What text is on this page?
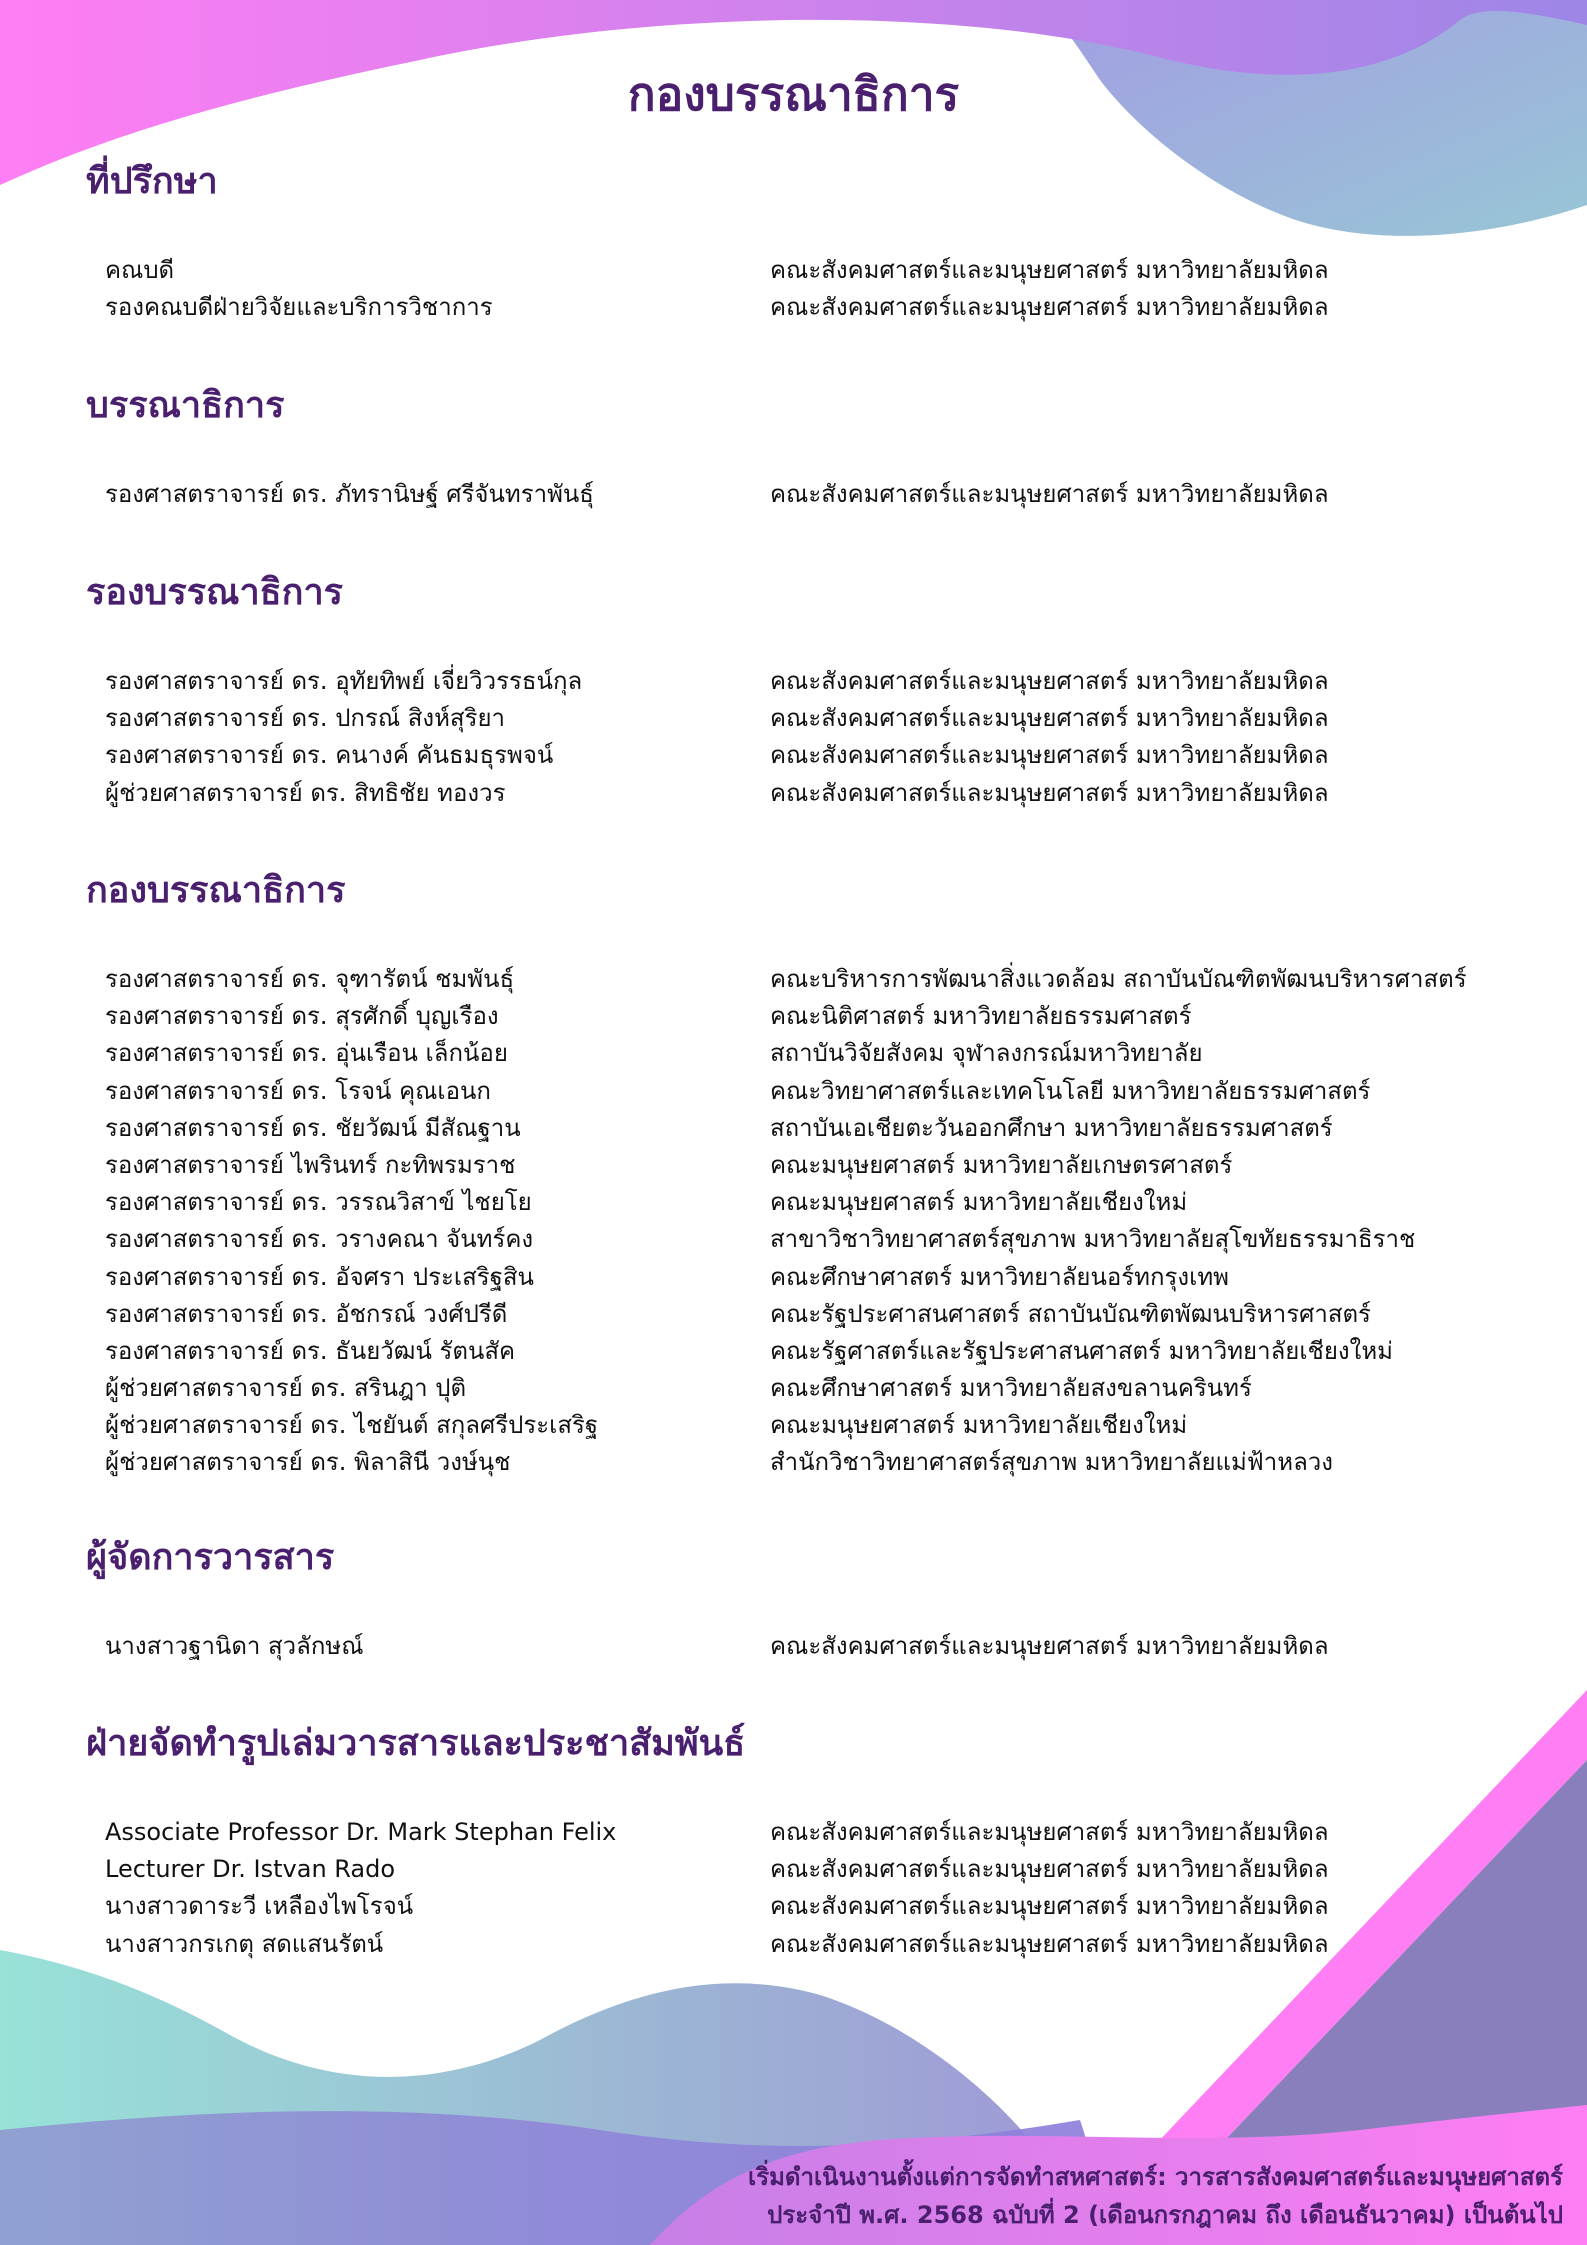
กองบรรณาธิการ
ที่ปรึกษา
คณบดี	คณะสังคมศาสตร์และมนุษยศาสตร์ มหาวิทยาลัยมหิดล
รองคณบดีฝ่ายวิจัยและบริการวิชาการ	คณะสังคมศาสตร์และมนุษยศาสตร์ มหาวิทยาลัยมหิดล
บรรณาธิการ
รองศาสตราจารย์ ดร. ภัทรานิษฐ์ ศรีจันทราพันธุ์	คณะสังคมศาสตร์และมนุษยศาสตร์ มหาวิทยาลัยมหิดล
รองบรรณาธิการ
รองศาสตราจารย์ ดร. อุทัยทิพย์ เจี่ยวิวรรธน์กุล	คณะสังคมศาสตร์และมนุษยศาสตร์ มหาวิทยาลัยมหิดล
รองศาสตราจารย์ ดร. ปกรณ์ สิงห์สุริยา	คณะสังคมศาสตร์และมนุษยศาสตร์ มหาวิทยาลัยมหิดล
รองศาสตราจารย์ ดร. คนางค์ คันธมธุรพจน์	คณะสังคมศาสตร์และมนุษยศาสตร์ มหาวิทยาลัยมหิดล
ผู้ช่วยศาสตราจารย์ ดร. สิทธิชัย ทองวร	คณะสังคมศาสตร์และมนุษยศาสตร์ มหาวิทยาลัยมหิดล
กองบรรณาธิการ
รองศาสตราจารย์ ดร. จุฑารัตน์ ชมพันธุ์	คณะบริหารการพัฒนาสิ่งแวดล้อม สถาบันบัณฑิตพัฒนบริหารศาสตร์
รองศาสตราจารย์ ดร. สุรศักดิ์ บุญเรือง	คณะนิติศาสตร์ มหาวิทยาลัยธรรมศาสตร์
รองศาสตราจารย์ ดร. อุ่นเรือน เล็กน้อย	สถาบันวิจัยสังคม จุฬาลงกรณ์มหาวิทยาลัย
รองศาสตราจารย์ ดร. โรจน์ คุณเอนก	คณะวิทยาศาสตร์และเทคโนโลยี มหาวิทยาลัยธรรมศาสตร์
รองศาสตราจารย์ ดร. ชัยวัฒน์ มีสัณฐาน	สถาบันเอเชียตะวันออกศึกษา มหาวิทยาลัยธรรมศาสตร์
รองศาสตราจารย์ ไพรินทร์ กะทิพรมราช	คณะมนุษยศาสตร์ มหาวิทยาลัยเกษตรศาสตร์
รองศาสตราจารย์ ดร. วรรณวิสาข์ ไชยโย	คณะมนุษยศาสตร์ มหาวิทยาลัยเชียงใหม่
รองศาสตราจารย์ ดร. วรางคณา จันทร์คง	สาขาวิชาวิทยาศาสตร์สุขภาพ มหาวิทยาลัยสุโขทัยธรรมาธิราช
รองศาสตราจารย์ ดร. อัจศรา ประเสริฐสิน	คณะศึกษาศาสตร์ มหาวิทยาลัยนอร์ทกรุงเทพ
รองศาสตราจารย์ ดร. อัชกรณ์ วงศ์ปรีดี	คณะรัฐประศาสนศาสตร์ สถาบันบัณฑิตพัฒนบริหารศาสตร์
รองศาสตราจารย์ ดร. ธันยวัฒน์ รัตนสัค	คณะรัฐศาสตร์และรัฐประศาสนศาสตร์ มหาวิทยาลัยเชียงใหม่
ผู้ช่วยศาสตราจารย์ ดร. สรินฎา ปุติ	คณะศึกษาศาสตร์ มหาวิทยาลัยสงขลานครินทร์
ผู้ช่วยศาสตราจารย์ ดร. ไชยันต์ สกุลศรีประเสริฐ	คณะมนุษยศาสตร์ มหาวิทยาลัยเชียงใหม่
ผู้ช่วยศาสตราจารย์ ดร. พิลาสินี วงษ์นุช	สำนักวิชาวิทยาศาสตร์สุขภาพ มหาวิทยาลัยแม่ฟ้าหลวง
ผู้จัดการวารสาร
นางสาวฐานิดา สุวลักษณ์	คณะสังคมศาสตร์และมนุษยศาสตร์ มหาวิทยาลัยมหิดล
ฝ่ายจัดทำรูปเล่มวารสารและประชาสัมพันธ์
Associate Professor Dr. Mark Stephan Felix	คณะสังคมศาสตร์และมนุษยศาสตร์ มหาวิทยาลัยมหิดล
Lecturer Dr. Istvan Rado	คณะสังคมศาสตร์และมนุษยศาสตร์ มหาวิทยาลัยมหิดล
นางสาวดาระวี เหลืองไพโรจน์	คณะสังคมศาสตร์และมนุษยศาสตร์ มหาวิทยาลัยมหิดล
นางสาวกรเกตุ สดแสนรัตน์	คณะสังคมศาสตร์และมนุษยศาสตร์ มหาวิทยาลัยมหิดล
เริ่มดำเนินงานตั้งแต่การจัดทำสหศาสตร์: วารสารสังคมศาสตร์และมนุษยศาสตร์
ประจำปี พ.ศ. 2568 ฉบับที่ 2 (เดือนกรกฎาคม ถึง เดือนธันวาคม) เป็นต้นไป
